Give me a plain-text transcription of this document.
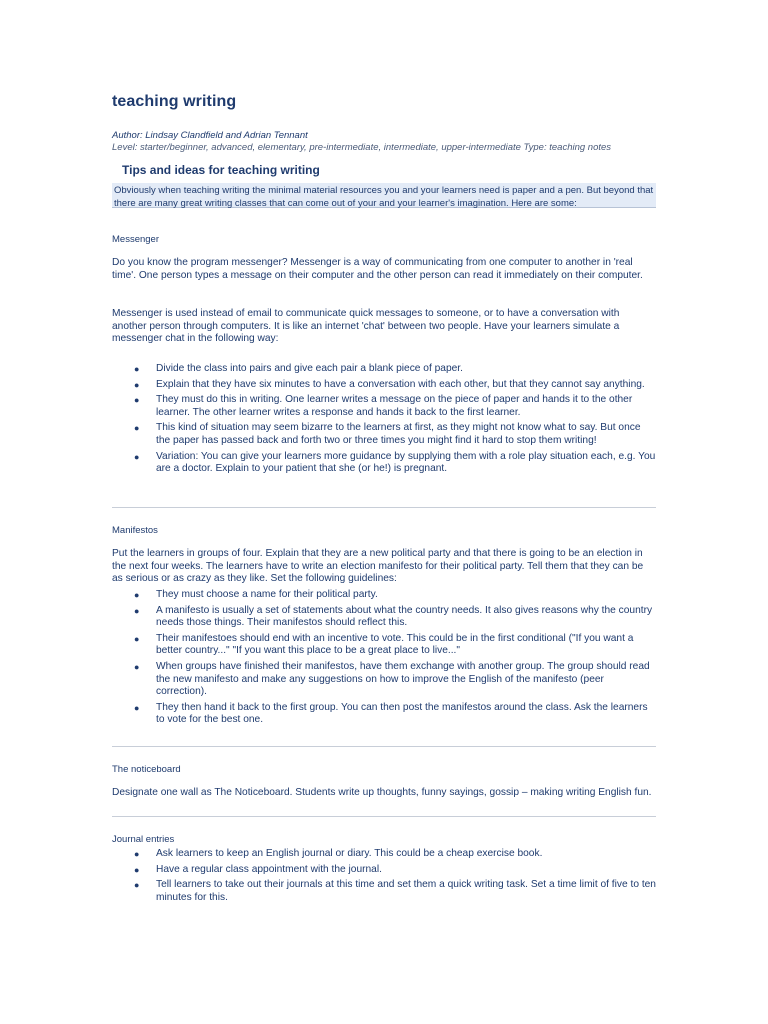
teaching writing
Author: Lindsay Clandfield and Adrian Tennant
Level: starter/beginner, advanced, elementary, pre-intermediate, intermediate, upper-intermediate Type: teaching notes
Tips and ideas for teaching writing
Obviously when teaching writing the minimal material resources you and your learners need is paper and a pen. But beyond that there are many great writing classes that can come out of your and your learner's imagination. Here are some:
Messenger
Do you know the program messenger? Messenger is a way of communicating from one computer to another in 'real time'. One person types a message on their computer and the other person can read it immediately on their computer.
Messenger is used instead of email to communicate quick messages to someone, or to have a conversation with another person through computers. It is like an internet 'chat' between two people. Have your learners simulate a messenger chat in the following way:
● Divide the class into pairs and give each pair a blank piece of paper.
● Explain that they have six minutes to have a conversation with each other, but that they cannot say anything.
● They must do this in writing. One learner writes a message on the piece of paper and hands it to the other learner. The other learner writes a response and hands it back to the first learner.
● This kind of situation may seem bizarre to the learners at first, as they might not know what to say. But once the paper has passed back and forth two or three times you might find it hard to stop them writing!
● Variation: You can give your learners more guidance by supplying them with a role play situation each, e.g. You are a doctor. Explain to your patient that she (or he!) is pregnant.
Manifestos
Put the learners in groups of four. Explain that they are a new political party and that there is going to be an election in the next four weeks. The learners have to write an election manifesto for their political party. Tell them that they can be as serious or as crazy as they like. Set the following guidelines:
● They must choose a name for their political party.
● A manifesto is usually a set of statements about what the country needs. It also gives reasons why the country needs those things. Their manifestos should reflect this.
● Their manifestoes should end with an incentive to vote. This could be in the first conditional ("If you want a better country..." "If you want this place to be a great place to live..."
● When groups have finished their manifestos, have them exchange with another group. The group should read the new manifesto and make any suggestions on how to improve the English of the manifesto (peer correction).
● They then hand it back to the first group. You can then post the manifestos around the class. Ask the learners to vote for the best one.
The noticeboard
Designate one wall as The Noticeboard. Students write up thoughts, funny sayings, gossip – making writing English fun.
Journal entries
● Ask learners to keep an English journal or diary. This could be a cheap exercise book.
● Have a regular class appointment with the journal.
● Tell learners to take out their journals at this time and set them a quick writing task. Set a time limit of five to ten minutes for this.
